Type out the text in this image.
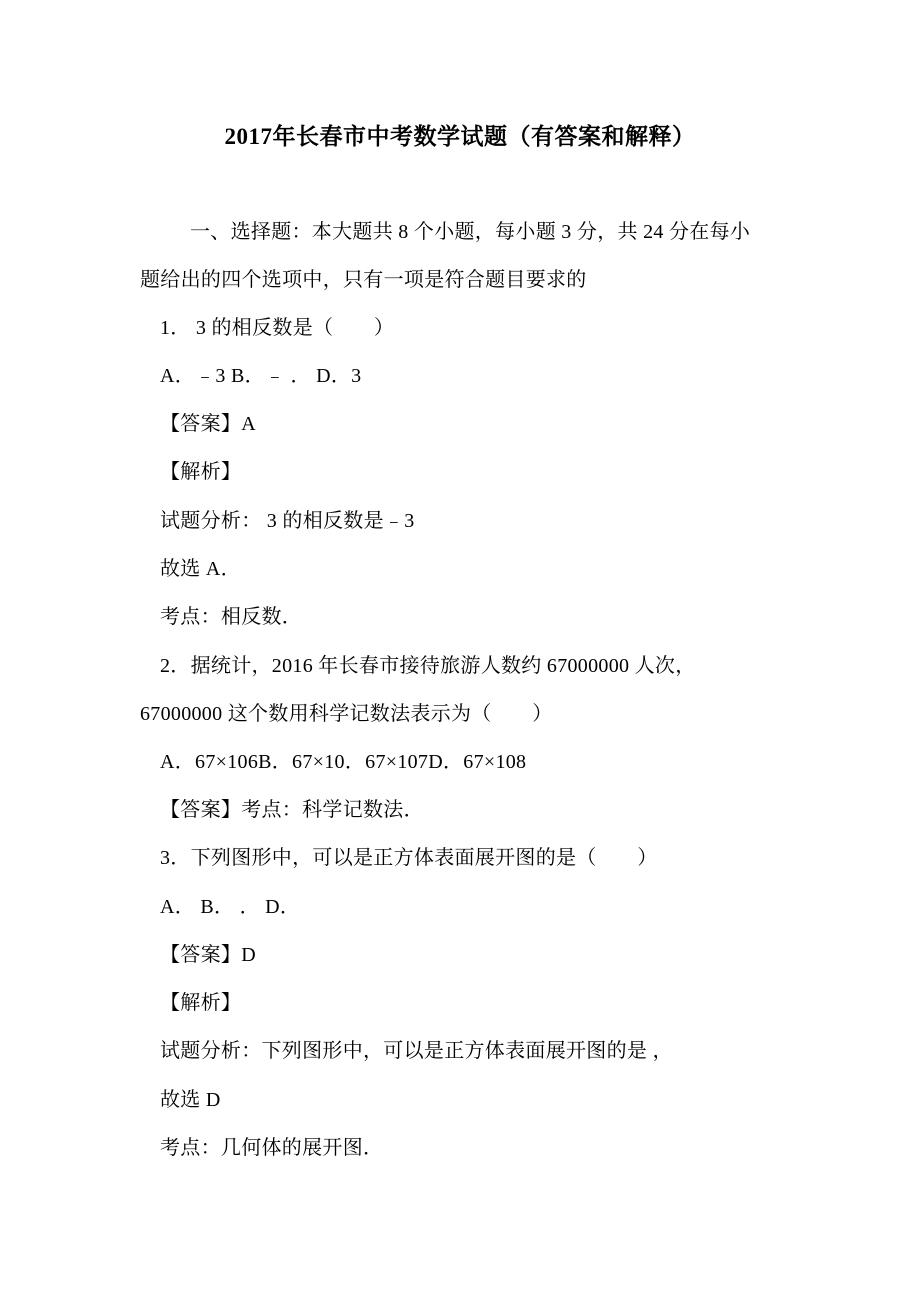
2017年长春市中考数学试题（有答案和解释）
一、选择题：本大题共 8 个小题，每小题 3 分，共 24 分在每小
题给出的四个选项中，只有一项是符合题目要求的
1． 3 的相反数是（　　）
A．﹣3 B．﹣ ． D．3
【答案】A
【解析】
试题分析： 3 的相反数是﹣3
故选 A．
考点：相反数．
2．据统计，2016 年长春市接待旅游人数约 67000000 人次，
67000000 这个数用科学记数法表示为（　　）
A．67×106B．67×10．67×107D．67×108
【答案】考点：科学记数法．
3．下列图形中，可以是正方体表面展开图的是（　　）
A． B． ． D．
【答案】D
【解析】
试题分析：下列图形中，可以是正方体表面展开图的是 ，
故选 D
考点：几何体的展开图．
